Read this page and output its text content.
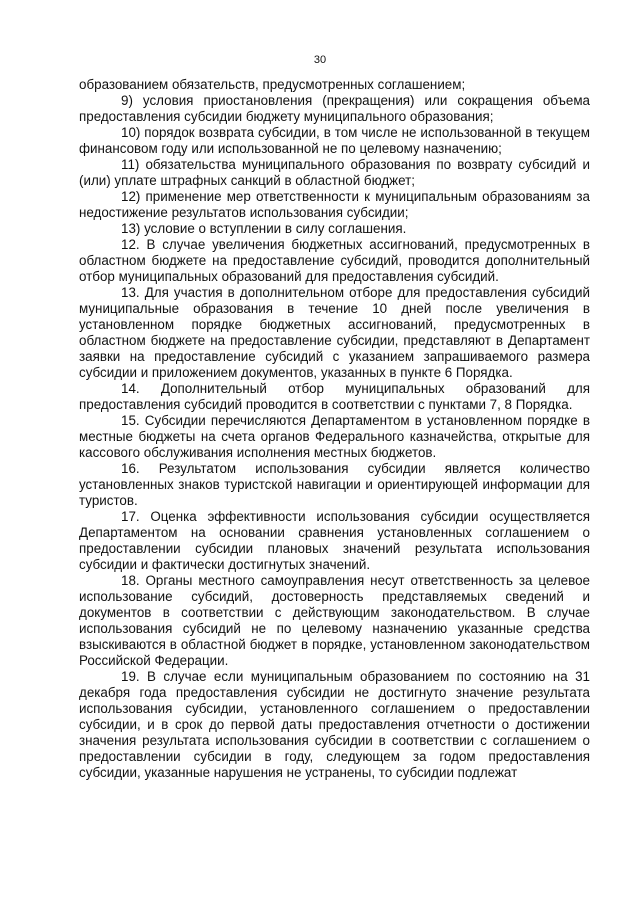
30

образованием обязательств, предусмотренных соглашением;

9) условия приостановления (прекращения) или сокращения объема предоставления субсидии бюджету муниципального образования;

10) порядок возврата субсидии, в том числе не использованной в текущем финансовом году или использованной не по целевому назначению;

11) обязательства муниципального образования по возврату субсидий и (или) уплате штрафных санкций в областной бюджет;

12) применение мер ответственности к муниципальным образованиям за недостижение результатов использования субсидии;

13) условие о вступлении в силу соглашения.

12. В случае увеличения бюджетных ассигнований, предусмотренных в областном бюджете на предоставление субсидий, проводится дополнительный отбор муниципальных образований для предоставления субсидий.

13. Для участия в дополнительном отборе для предоставления субсидий муниципальные образования в течение 10 дней после увеличения в установленном порядке бюджетных ассигнований, предусмотренных в областном бюджете на предоставление субсидии, представляют в Департамент заявки на предоставление субсидий с указанием запрашиваемого размера субсидии и приложением документов, указанных в пункте 6 Порядка.

14. Дополнительный отбор муниципальных образований для предоставления субсидий проводится в соответствии с пунктами 7, 8 Порядка.

15. Субсидии перечисляются Департаментом в установленном порядке в местные бюджеты на счета органов Федерального казначейства, открытые для кассового обслуживания исполнения местных бюджетов.

16. Результатом использования субсидии является количество установленных знаков туристской навигации и ориентирующей информации для туристов.

17. Оценка эффективности использования субсидии осуществляется Департаментом на основании сравнения установленных соглашением о предоставлении субсидии плановых значений результата использования субсидии и фактически достигнутых значений.

18. Органы местного самоуправления несут ответственность за целевое использование субсидий, достоверность представляемых сведений и документов в соответствии с действующим законодательством. В случае использования субсидий не по целевому назначению указанные средства взыскиваются в областной бюджет в порядке, установленном законодательством Российской Федерации.

19. В случае если муниципальным образованием по состоянию на 31 декабря года предоставления субсидии не достигнуто значение результата использования субсидии, установленного соглашением о предоставлении субсидии, и в срок до первой даты предоставления отчетности о достижении значения результата использования субсидии в соответствии с соглашением о предоставлении субсидии в году, следующем за годом предоставления субсидии, указанные нарушения не устранены, то субсидии подлежат
